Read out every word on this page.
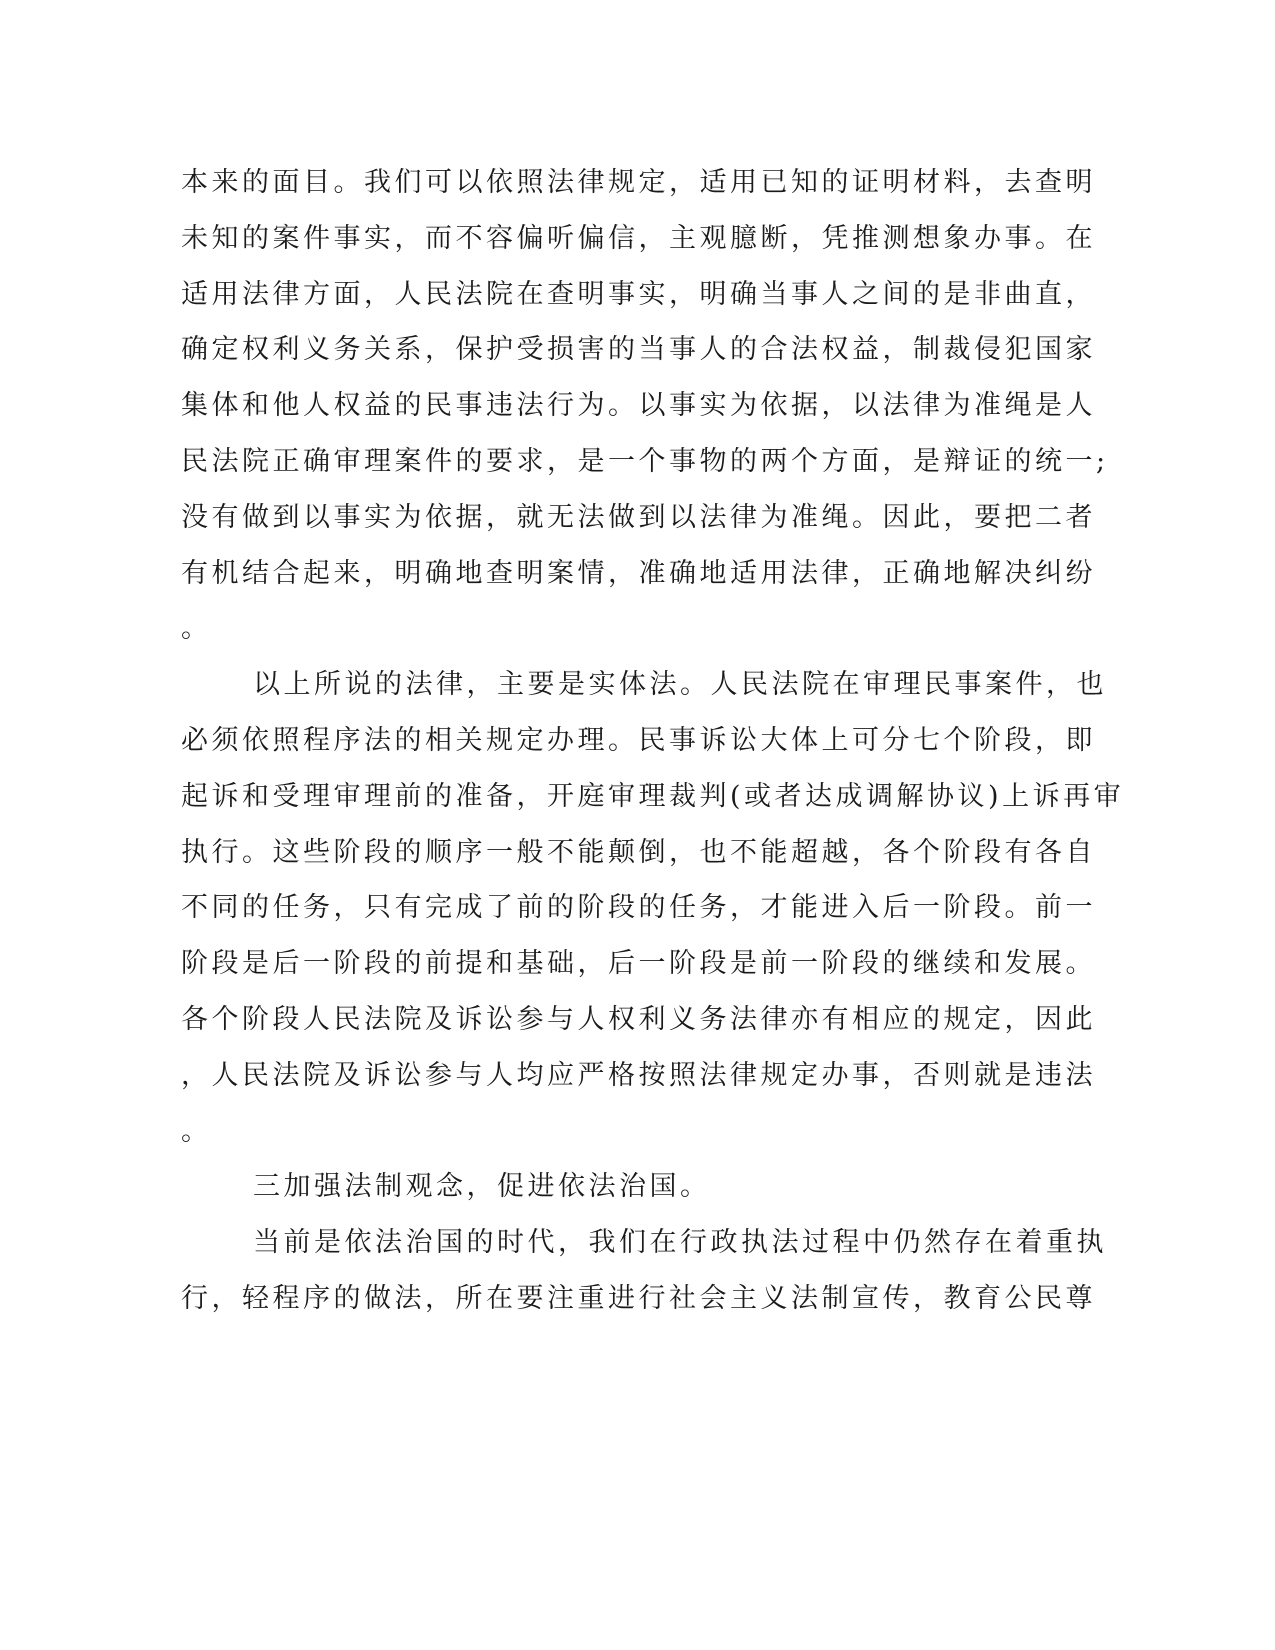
本来的面目。我们可以依照法律规定，适用已知的证明材料，去查明
未知的案件事实，而不容偏听偏信，主观臆断，凭推测想象办事。在
适用法律方面，人民法院在查明事实，明确当事人之间的是非曲直，
确定权利义务关系，保护受损害的当事人的合法权益，制裁侵犯国家
集体和他人权益的民事违法行为。以事实为依据，以法律为准绳是人
民法院正确审理案件的要求，是一个事物的两个方面，是辩证的统一;
没有做到以事实为依据，就无法做到以法律为准绳。因此，要把二者
有机结合起来，明确地查明案情，准确地适用法律，正确地解决纠纷
。
以上所说的法律，主要是实体法。人民法院在审理民事案件，也
必须依照程序法的相关规定办理。民事诉讼大体上可分七个阶段，即
起诉和受理审理前的准备，开庭审理裁判(或者达成调解协议)上诉再审
执行。这些阶段的顺序一般不能颠倒，也不能超越，各个阶段有各自
不同的任务，只有完成了前的阶段的任务，才能进入后一阶段。前一
阶段是后一阶段的前提和基础，后一阶段是前一阶段的继续和发展。
各个阶段人民法院及诉讼参与人权利义务法律亦有相应的规定，因此
，人民法院及诉讼参与人均应严格按照法律规定办事，否则就是违法
。
三加强法制观念，促进依法治国。
当前是依法治国的时代，我们在行政执法过程中仍然存在着重执
行，轻程序的做法，所在要注重进行社会主义法制宣传，教育公民尊
